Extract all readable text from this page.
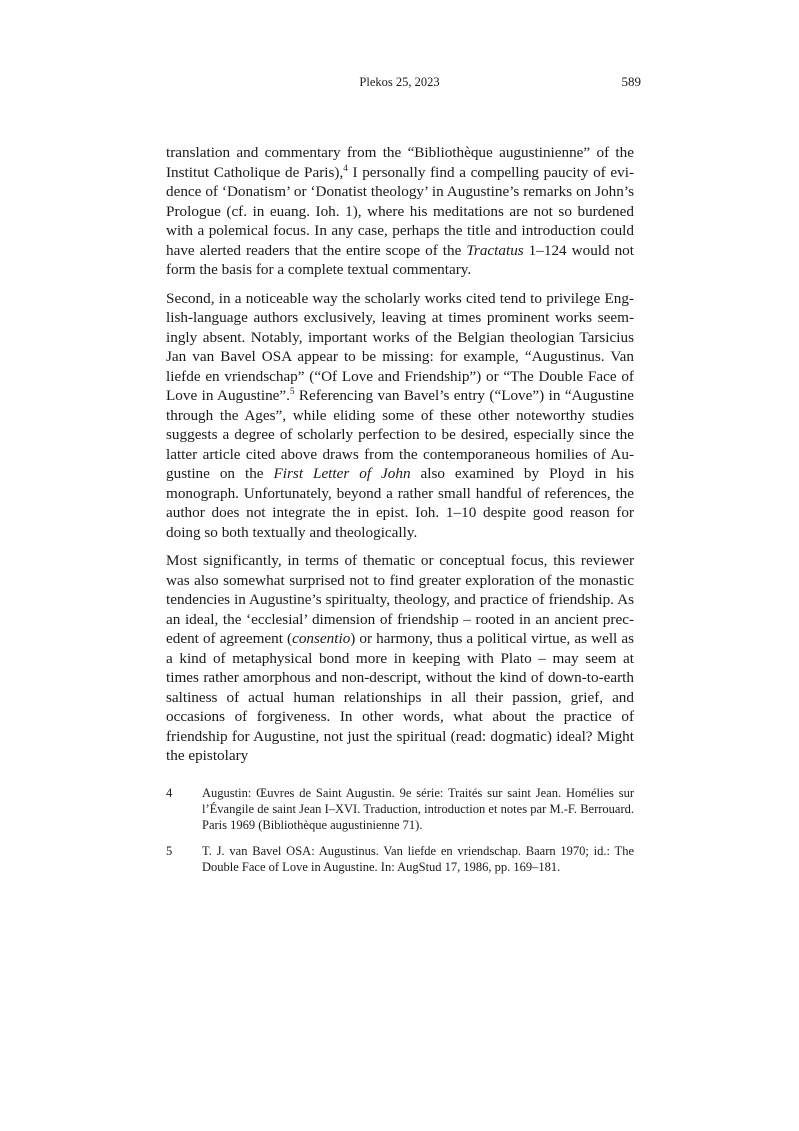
Plekos 25, 2023	589

translation and commentary from the “Bibliothèque augustinienne” of the Institut Catholique de Paris),$^4$ I personally find a compelling paucity of evidence of ‘Donatism’ or ‘Donatist theology’ in Augustine’s remarks on John’s Prologue (cf. in euang. Ioh. 1), where his meditations are not so burdened with a polemical focus. In any case, perhaps the title and introduction could have alerted readers that the entire scope of the Tractatus 1–124 would not form the basis for a complete textual commentary.

Second, in a noticeable way the scholarly works cited tend to privilege English-language authors exclusively, leaving at times prominent works seemingly absent. Notably, important works of the Belgian theologian Tarsicius Jan van Bavel OSA appear to be missing: for example, “Augustinus. Van liefde en vriendschap” (“Of Love and Friendship”) or “The Double Face of Love in Augustine”.$^5$ Referencing van Bavel’s entry (“Love”) in “Augustine through the Ages”, while eliding some of these other noteworthy studies suggests a degree of scholarly perfection to be desired, especially since the latter article cited above draws from the contemporaneous homilies of Augustine on the First Letter of John also examined by Ployd in his monograph. Unfortunately, beyond a rather small handful of references, the author does not integrate the in epist. Ioh. 1–10 despite good reason for doing so both textually and theologically.

Most significantly, in terms of thematic or conceptual focus, this reviewer was also somewhat surprised not to find greater exploration of the monastic tendencies in Augustine’s spiritualty, theology, and practice of friendship. As an ideal, the ‘ecclesial’ dimension of friendship – rooted in an ancient precedent of agreement (consentio) or harmony, thus a political virtue, as well as a kind of metaphysical bond more in keeping with Plato – may seem at times rather amorphous and non-descript, without the kind of down-to-earth saltiness of actual human relationships in all their passion, grief, and occasions of forgiveness. In other words, what about the practice of friendship for Augustine, not just the spiritual (read: dogmatic) ideal? Might the epistolary

4 Augustin: Œuvres de Saint Augustin. 9e série: Traités sur saint Jean. Homélies sur l’Évangile de saint Jean I–XVI. Traduction, introduction et notes par M.-F. Berrouard. Paris 1969 (Bibliothèque augustinienne 71).
5 T. J. van Bavel OSA: Augustinus. Van liefde en vriendschap. Baarn 1970; id.: The Double Face of Love in Augustine. In: AugStud 17, 1986, pp. 169–181.
